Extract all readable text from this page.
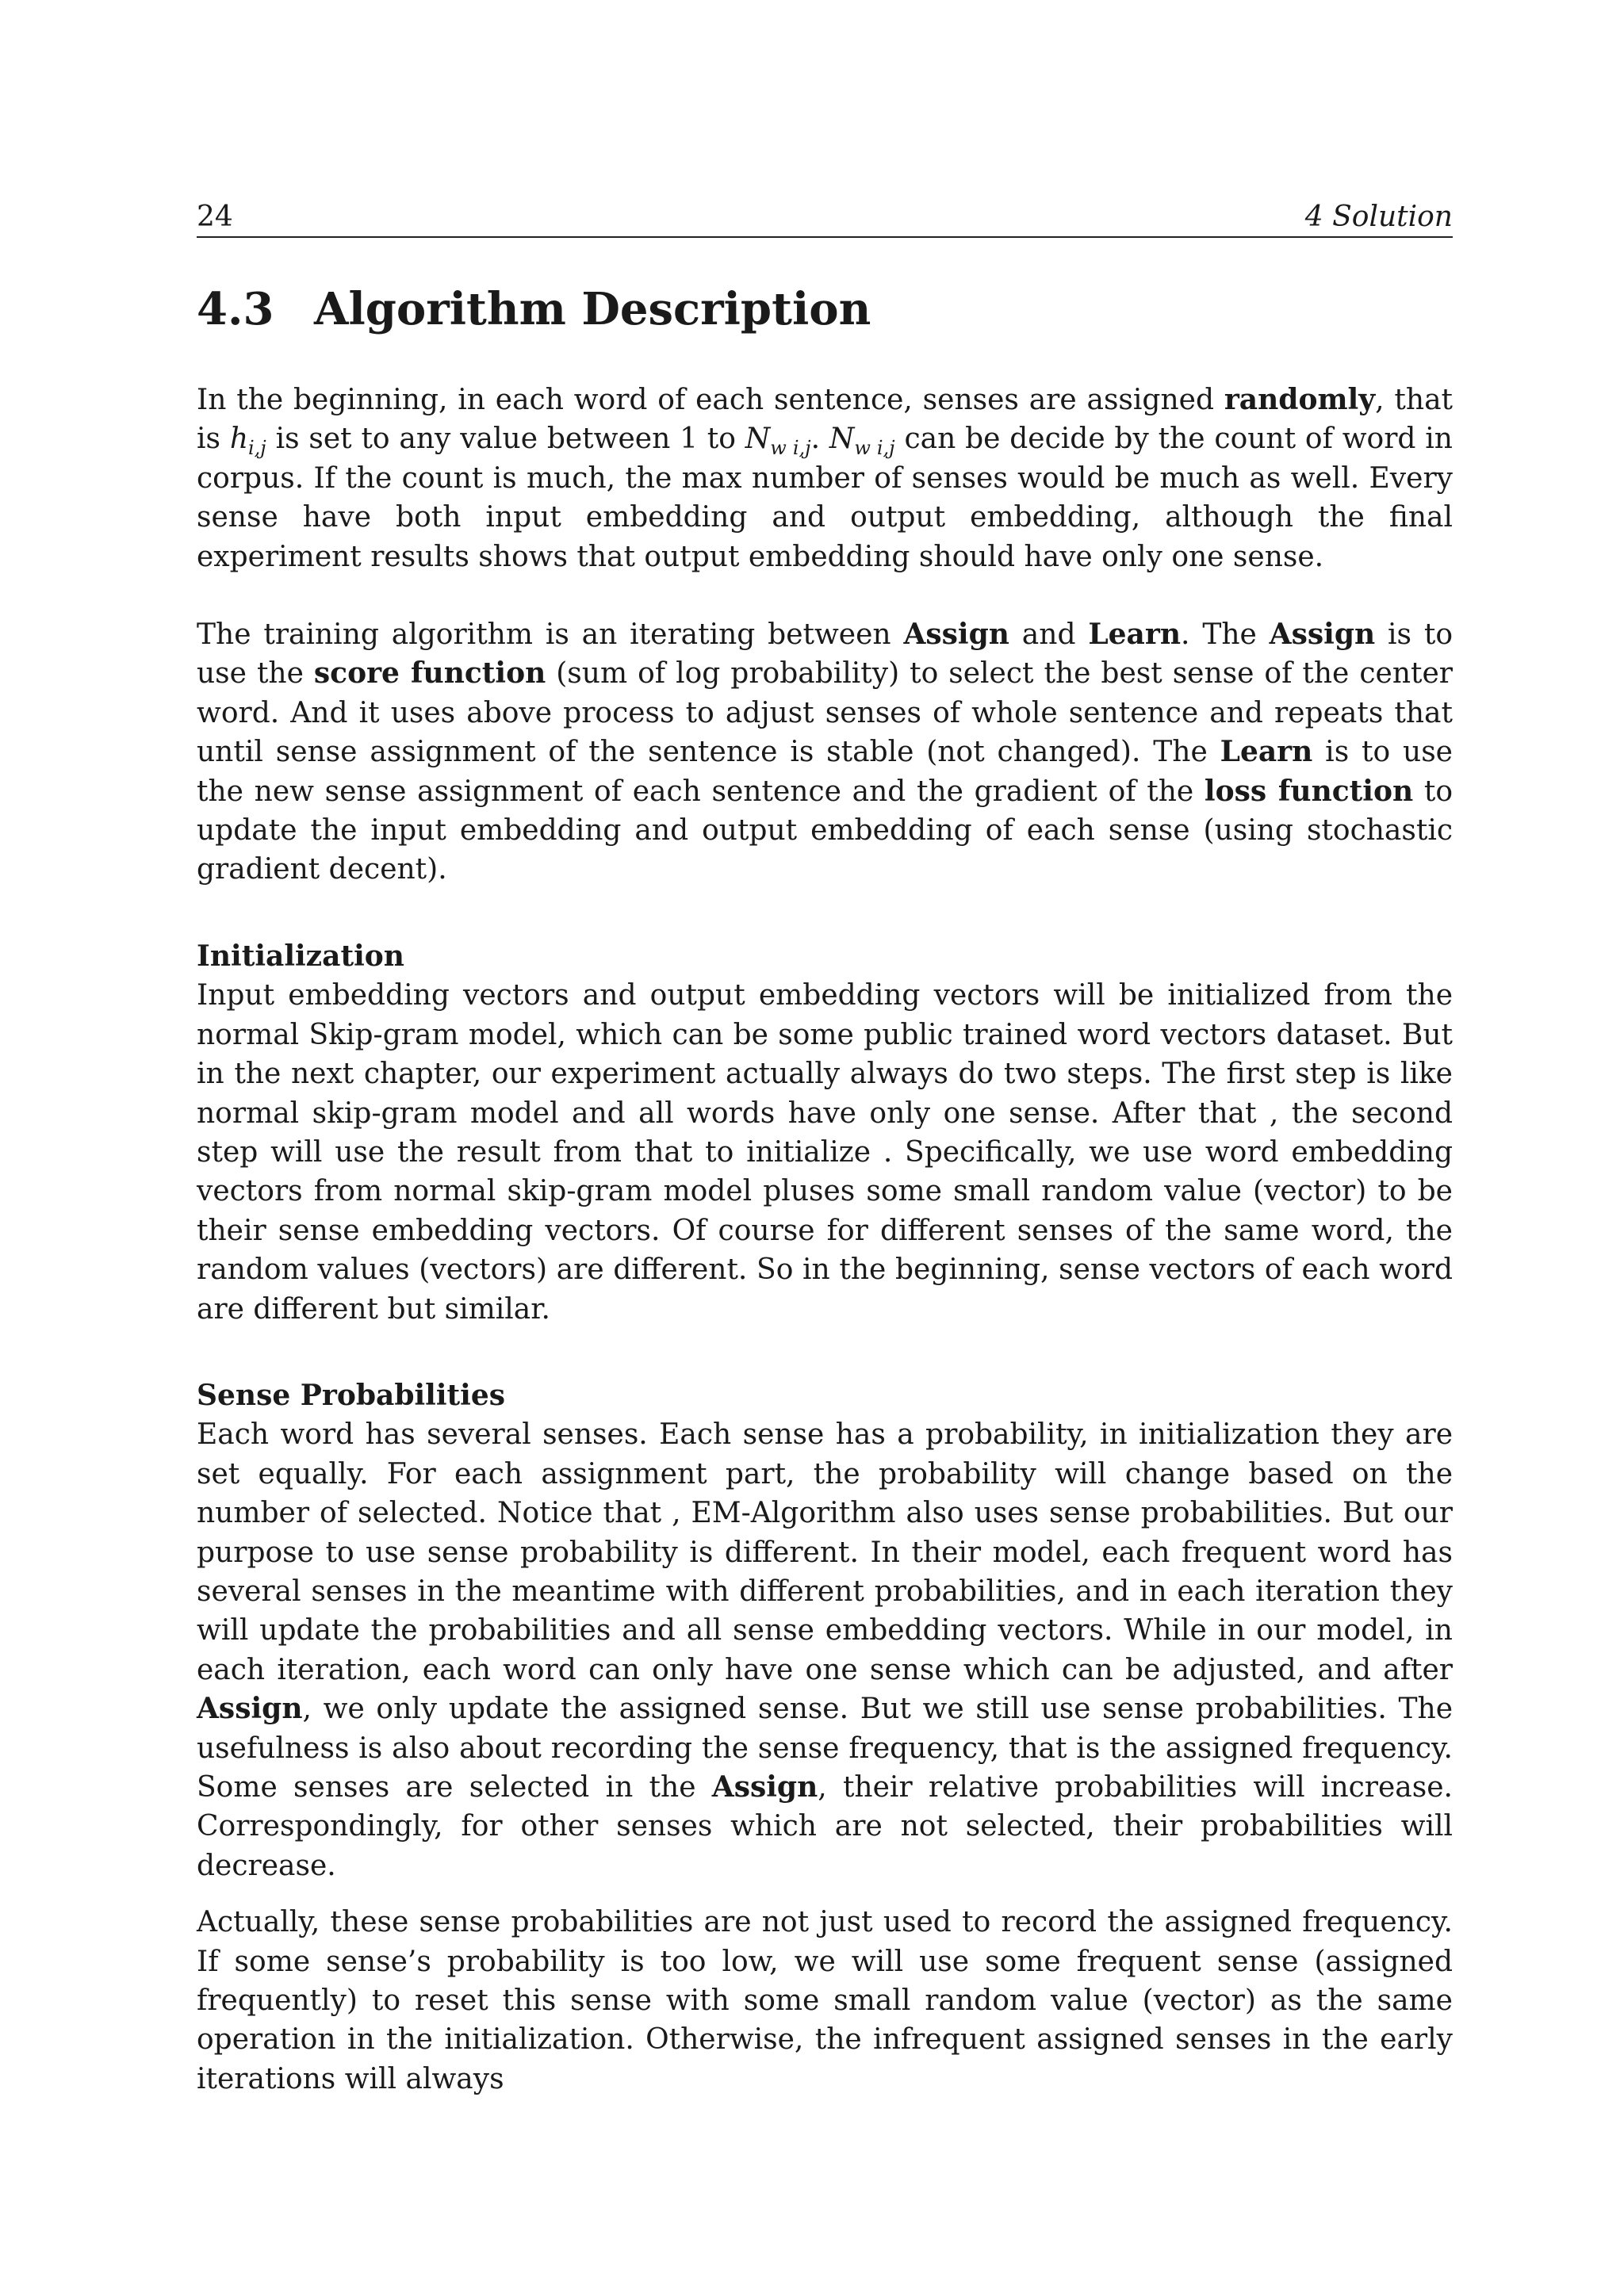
24	4 Solution
4.3 Algorithm Description

In the beginning, in each word of each sentence, senses are assigned randomly, that is $h_{i,j}$ is set to any value between 1 to $N_{w i,j}$. $N_{w i,j}$ can be decide by the count of word in corpus. If the count is much, the max number of senses would be much as well. Every sense have both input embedding and output embedding, although the final experiment results shows that output embedding should have only one sense.

The training algorithm is an iterating between Assign and Learn. The Assign is to use the score function (sum of log probability) to select the best sense of the center word. And it uses above process to adjust senses of whole sentence and repeats that until sense assignment of the sentence is stable (not changed). The Learn is to use the new sense assignment of each sentence and the gradient of the loss function to update the input embedding and output embedding of each sense (using stochastic gradient decent).

Initialization

Input embedding vectors and output embedding vectors will be initialized from the normal Skip-gram model, which can be some public trained word vectors dataset. But in the next chapter, our experiment actually always do two steps. The first step is like normal skip-gram model and all words have only one sense. After that , the second step will use the result from that to initialize . Specifically, we use word embedding vectors from normal skip-gram model pluses some small random value (vector) to be their sense embedding vectors. Of course for different senses of the same word, the random values (vectors) are different. So in the beginning, sense vectors of each word are different but similar.

Sense Probabilities

Each word has several senses. Each sense has a probability, in initialization they are set equally. For each assignment part, the probability will change based on the number of selected. Notice that , EM-Algorithm also uses sense probabilities. But our purpose to use sense probability is different. In their model, each frequent word has several senses in the meantime with different probabilities, and in each iteration they will update the probabilities and all sense embedding vectors. While in our model, in each iteration, each word can only have one sense which can be adjusted, and after Assign, we only update the assigned sense. But we still use sense probabilities. The usefulness is also about recording the sense frequency, that is the assigned frequency. Some senses are selected in the Assign, their relative probabilities will increase. Correspondingly, for other senses which are not selected, their probabilities will decrease.

Actually, these sense probabilities are not just used to record the assigned frequency. If some sense’s probability is too low, we will use some frequent sense (assigned frequently) to reset this sense with some small random value (vector) as the same operation in the initialization. Otherwise, the infrequent assigned senses in the early iterations will always
